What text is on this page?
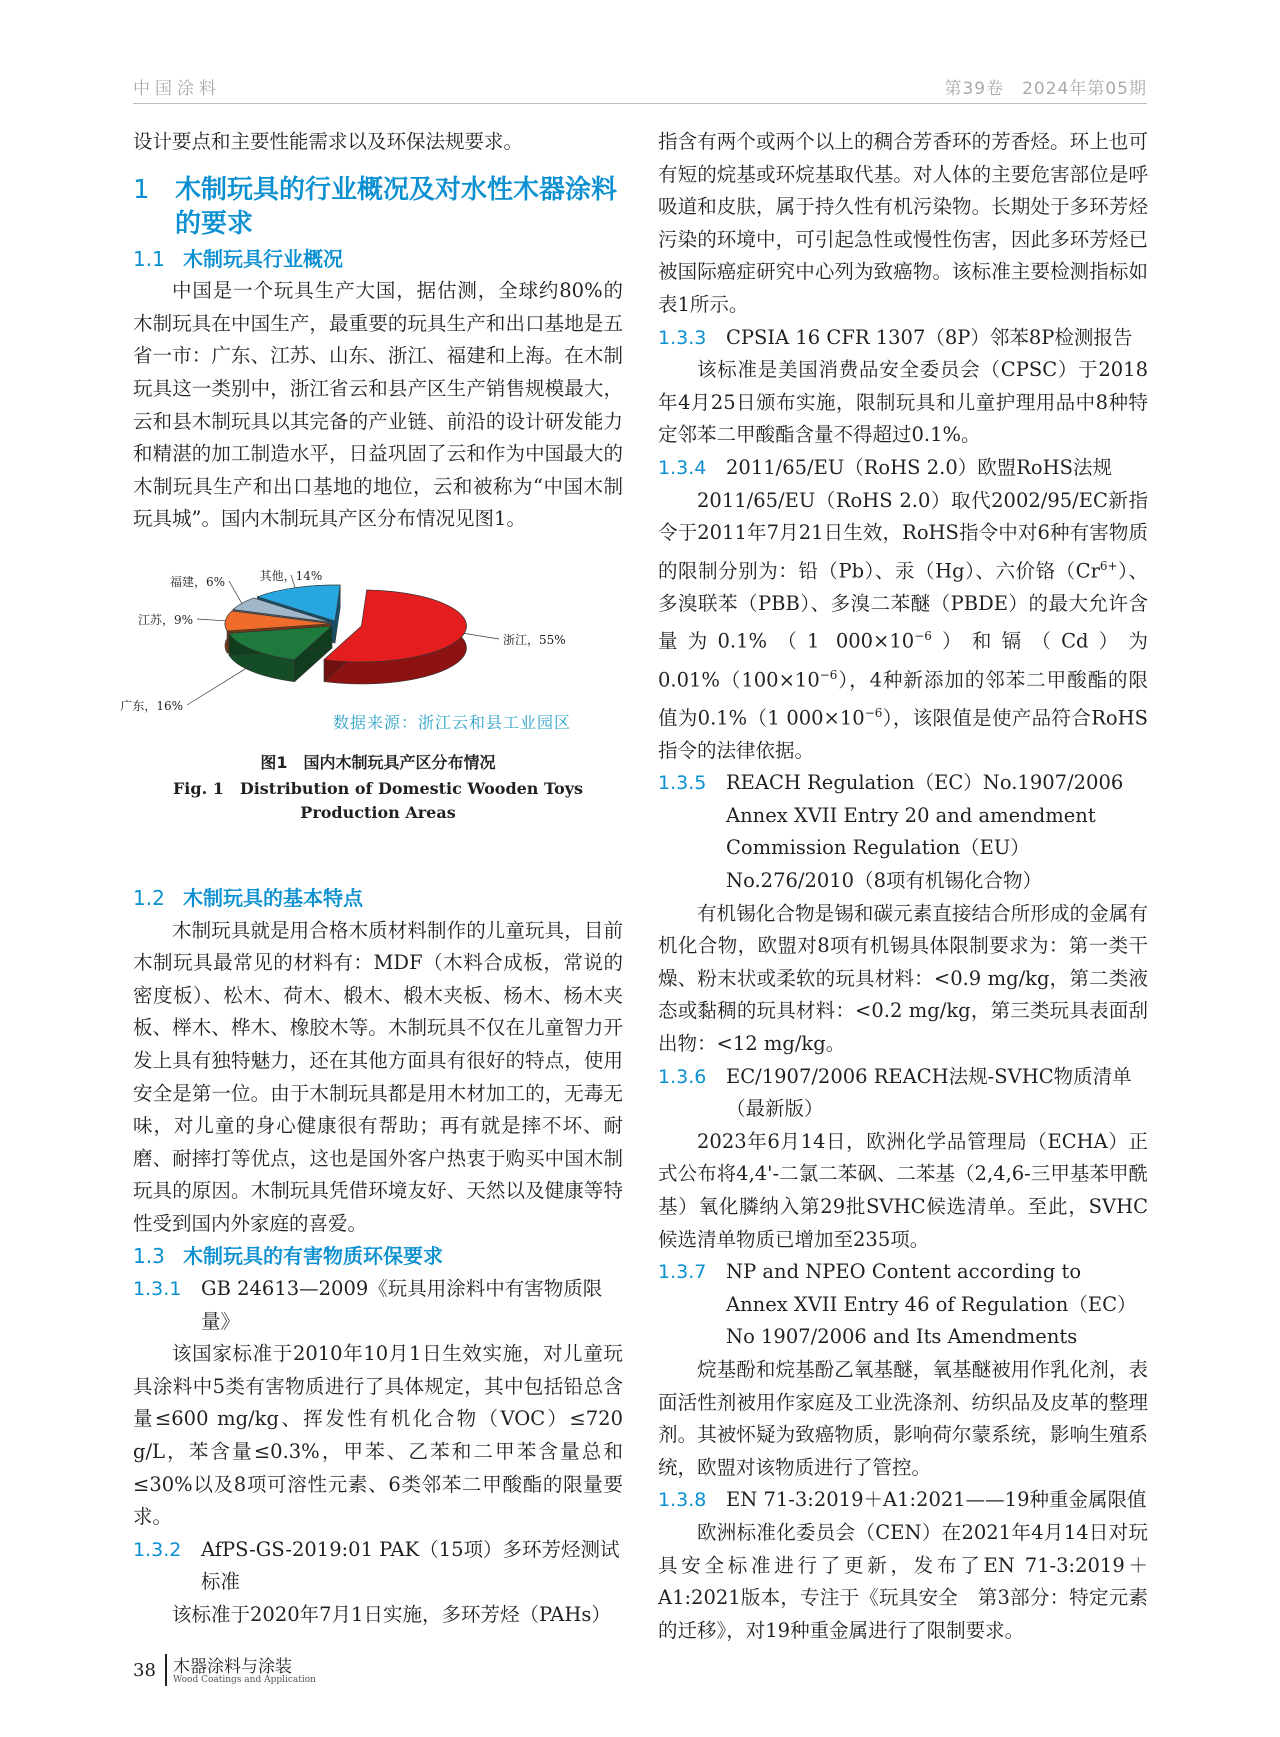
中国涂料	第39卷　2024年第05期

设计要点和主要性能需求以及环保法规要求。

1 木制玩具的行业概况及对水性木器涂料的要求
1.1 木制玩具行业概况

中国是一个玩具生产大国，据估测，全球约80%的木制玩具在中国生产，最重要的玩具生产和出口基地是五省一市：广东、江苏、山东、浙江、福建和上海。在木制玩具这一类别中，浙江省云和县产区生产销售规模最大，云和县木制玩具以其完备的产业链、前沿的设计研发能力和精湛的加工制造水平，日益巩固了云和作为中国最大的木制玩具生产和出口基地的地位，云和被称为“中国木制玩具城”。国内木制玩具产区分布情况见图1。

浙江，55%
广东，16%
江苏，9%
福建，6%	其他，14%
数据来源：浙江云和县工业园区
图1　国内木制玩具产区分布情况
Fig. 1　Distribution of Domestic Wooden Toys Production Areas
1.2 木制玩具的基本特点

木制玩具就是用合格木质材料制作的儿童玩具，目前木制玩具最常见的材料有：MDF（木料合成板，常说的密度板）、松木、荷木、椴木、椴木夹板、杨木、杨木夹板、榉木、桦木、橡胶木等。木制玩具不仅在儿童智力开发上具有独特魅力，还在其他方面具有很好的特点，使用安全是第一位。由于木制玩具都是用木材加工的，无毒无味，对儿童的身心健康很有帮助；再有就是摔不坏、耐磨、耐摔打等优点，这也是国外客户热衷于购买中国木制玩具的原因。木制玩具凭借环境友好、天然以及健康等特性受到国内外家庭的喜爱。

1.3 木制玩具的有害物质环保要求
1.3.1	GB 24613—2009《玩具用涂料中有害物质限量》

该国家标准于2010年10月1日生效实施，对儿童玩具涂料中5类有害物质进行了具体规定，其中包括铅总含量≤600 mg/kg、挥发性有机化合物（VOC）≤720 g/L，苯含量≤0.3%，甲苯、乙苯和二甲苯含量总和≤30%以及8项可溶性元素、6类邻苯二甲酸酯的限量要求。

1.3.2	AfPS-GS-2019:01 PAK（15项）多环芳烃测试标准

该标准于2020年7月1日实施，多环芳烃（PAHs）

指含有两个或两个以上的稠合芳香环的芳香烃。环上也可有短的烷基或环烷基取代基。对人体的主要危害部位是呼吸道和皮肤，属于持久性有机污染物。长期处于多环芳烃污染的环境中，可引起急性或慢性伤害，因此多环芳烃已被国际癌症研究中心列为致癌物。该标准主要检测指标如表1所示。

1.3.3	CPSIA 16 CFR 1307（8P）邻苯8P检测报告

该标准是美国消费品安全委员会（CPSC）于2018年4月25日颁布实施，限制玩具和儿童护理用品中8种特定邻苯二甲酸酯含量不得超过0.1%。

1.3.4	2011/65/EU（RoHS 2.0）欧盟RoHS法规

2011/65/EU（RoHS 2.0）取代2002/95/EC新指令于2011年7月21日生效，RoHS指令中对6种有害物质的限制分别为：铅（Pb）、汞（Hg）、六价铬$(Cr^{6+})$、多溴联苯（PBB）、多溴二苯醚（PBDE）的最大允许含量为0.1%（1 $000\times 10^{-6}$）和镉（Cd）为$0.01\%(100\times 10^{-6})$，4种新添加的邻苯二甲酸酯的限值为0.1%（1 $000\times 10^{-6}$），该限值是使产品符合RoHS指令的法律依据。

1.3.5	REACH Regulation（EC）No.1907/2006 Annex XVII Entry 20 and amendment Commission Regulation（EU） No.276/2010（8项有机锡化合物）

有机锡化合物是锡和碳元素直接结合所形成的金属有机化合物，欧盟对8项有机锡具体限制要求为：第一类干燥、粉末状或柔软的玩具材料：<0.9 mg/kg，第二类液态或黏稠的玩具材料：<0.2 mg/kg，第三类玩具表面刮出物：<12 mg/kg。

1.3.6	EC/1907/2006 REACH法规-SVHC物质清单（最新版）

2023年6月14日，欧洲化学品管理局（ECHA）正式公布将4,4'-二氯二苯砜、二苯基（2,4,6-三甲基苯甲酰基）氧化膦纳入第29批SVHC候选清单。至此，SVHC候选清单物质已增加至235项。

1.3.7	NP and NPEO Content according to Annex XVII Entry 46 of Regulation（EC）No 1907/2006 and Its Amendments

烷基酚和烷基酚乙氧基醚，氧基醚被用作乳化剂，表面活性剂被用作家庭及工业洗涤剂、纺织品及皮革的整理剂。其被怀疑为致癌物质，影响荷尔蒙系统，影响生殖系统，欧盟对该物质进行了管控。

1.3.8	EN 71-3:2019＋A1:2021——19种重金属限值

欧洲标准化委员会（CEN）在2021年4月14日对玩具安全标准进行了更新，发布了EN 71-3:2019＋A1:2021版本，专注于《玩具安全　第3部分：特定元素的迁移》，对19种重金属进行了限制要求。

38 木器涂料与涂装
Wood Coatings and Application
